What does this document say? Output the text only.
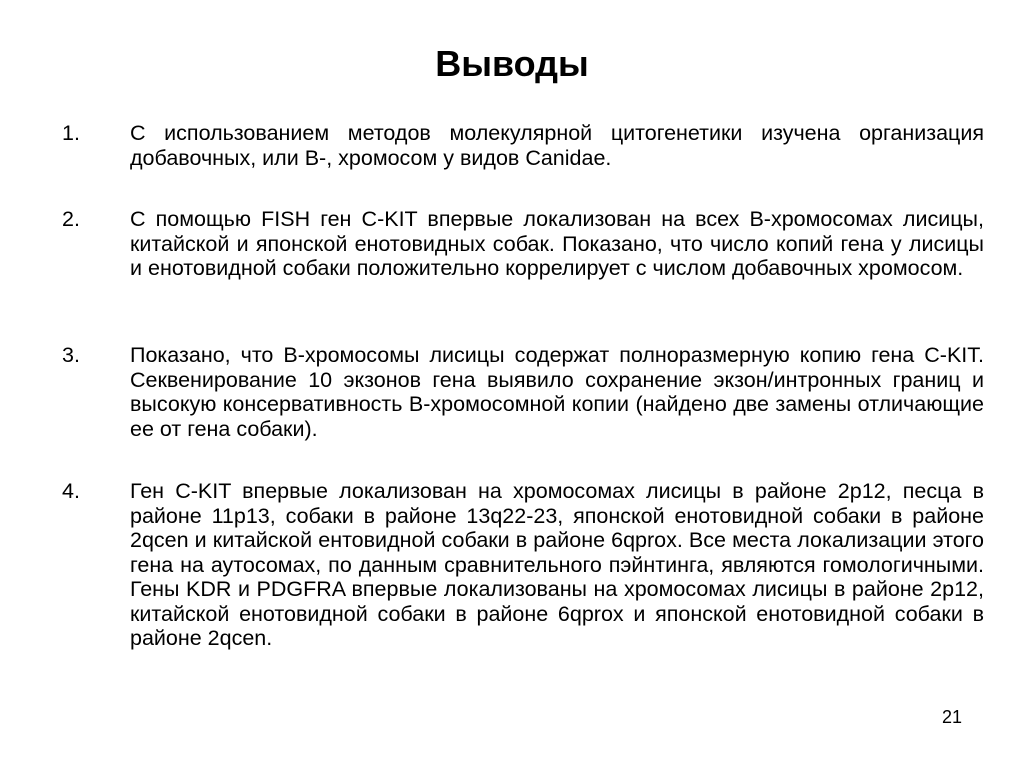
Выводы
1.	С использованием методов молекулярной цитогенетики изучена организация добавочных, или В-, хромосом у видов Canidae.
2.	С помощью FISH ген C-KIT впервые локализован на всех В-хромосомах лисицы, китайской и японской енотовидных собак. Показано, что число копий гена у лисицы и енотовидной собаки положительно коррелирует с числом добавочных хромосом.
3.	Показано, что В-хромосомы лисицы содержат полноразмерную копию гена C-KIT. Секвенирование 10 экзонов гена выявило сохранение экзон/интронных границ и высокую консервативность В-хромосомной копии (найдено две замены отличающие ее от гена собаки).
4.	Ген C-KIT впервые локализован на хромосомах лисицы в районе 2р12, песца в районе 11р13, собаки в районе 13q22-23, японской енотовидной собаки в районе 2qcen и китайской ентовидной собаки в районе 6qprox. Все места локализации этого гена на аутосомах, по данным сравнительного пэйнтинга, являются гомологичными. Гены KDR и PDGFRA впервые локализованы на хромосомах лисицы в районе 2р12, китайской енотовидной собаки в районе 6qprox и японской енотовидной собаки в районе 2qcen.
21
